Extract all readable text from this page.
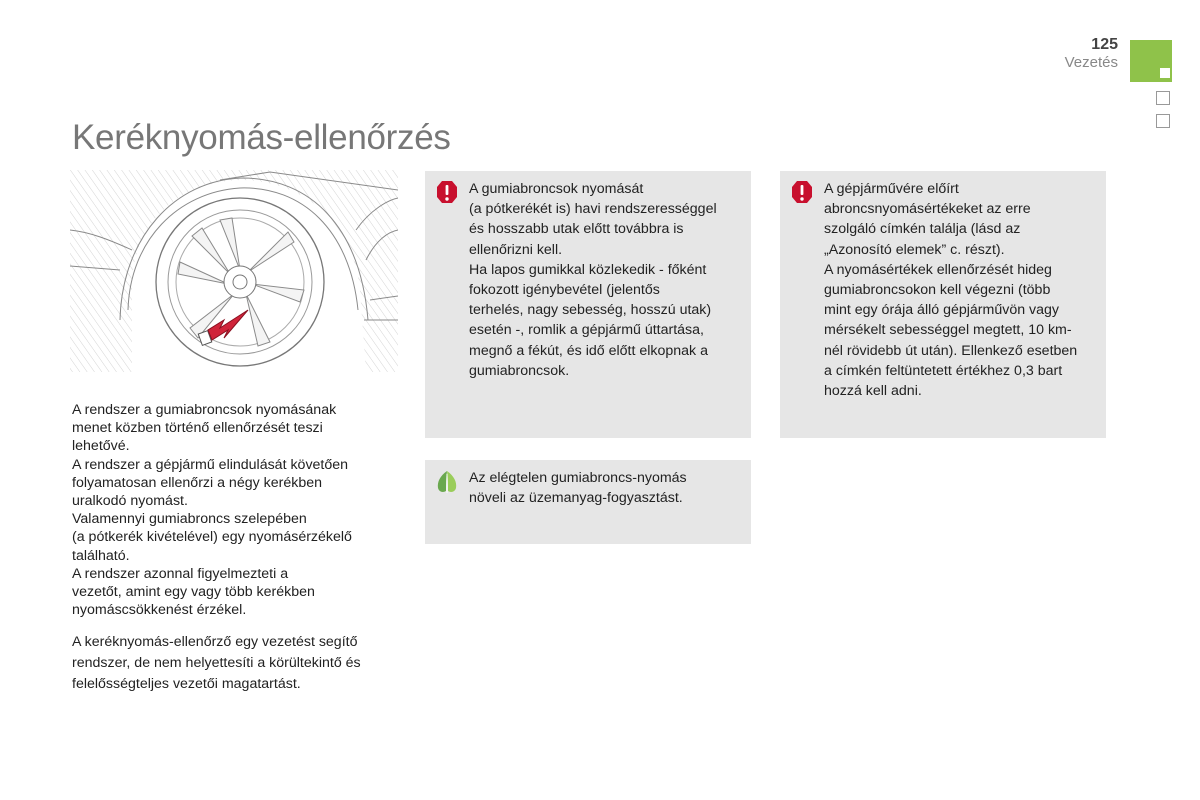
125
Vezetés
Keréknyomás-ellenőrzés

A rendszer a gumiabroncsok nyomásának

menet közben történő ellenőrzését teszi

lehetővé.

A rendszer a gépjármű elindulását követően

folyamatosan ellenőrzi a négy kerékben

uralkodó nyomást.

Valamennyi gumiabroncs szelepében

(a pótkerék kivételével) egy nyomásérzékelő

található.

A rendszer azonnal figyelmezteti a

vezetőt, amint egy vagy több kerékben

nyomáscsökkenést érzékel.

A keréknyomás-ellenőrző egy vezetést segítő

rendszer, de nem helyettesíti a körültekintő és

felelősségteljes vezetői magatartást.

A gumiabroncsok nyomását

(a pótkerékét is) havi rendszerességgel

és hosszabb utak előtt továbbra is

ellenőrizni kell.

Ha lapos gumikkal közlekedik - főként

fokozott igénybevétel (jelentős

terhelés, nagy sebesség, hosszú utak)

esetén -, romlik a gépjármű úttartása,

megnő a fékút, és idő előtt elkopnak a

gumiabroncsok.

A gépjárművére előírt

abroncsnyomásértékeket az erre

szolgáló címkén találja (lásd az

„Azonosító elemek” c. részt).

A nyomásértékek ellenőrzését hideg

gumiabroncsokon kell végezni (több

mint egy órája álló gépjárművön vagy

mérsékelt sebességgel megtett, 10 km-

nél rövidebb út után). Ellenkező esetben

a címkén feltüntetett értékhez 0,3 bart

hozzá kell adni.

Az elégtelen gumiabroncs-nyomás

növeli az üzemanyag-fogyasztást.
